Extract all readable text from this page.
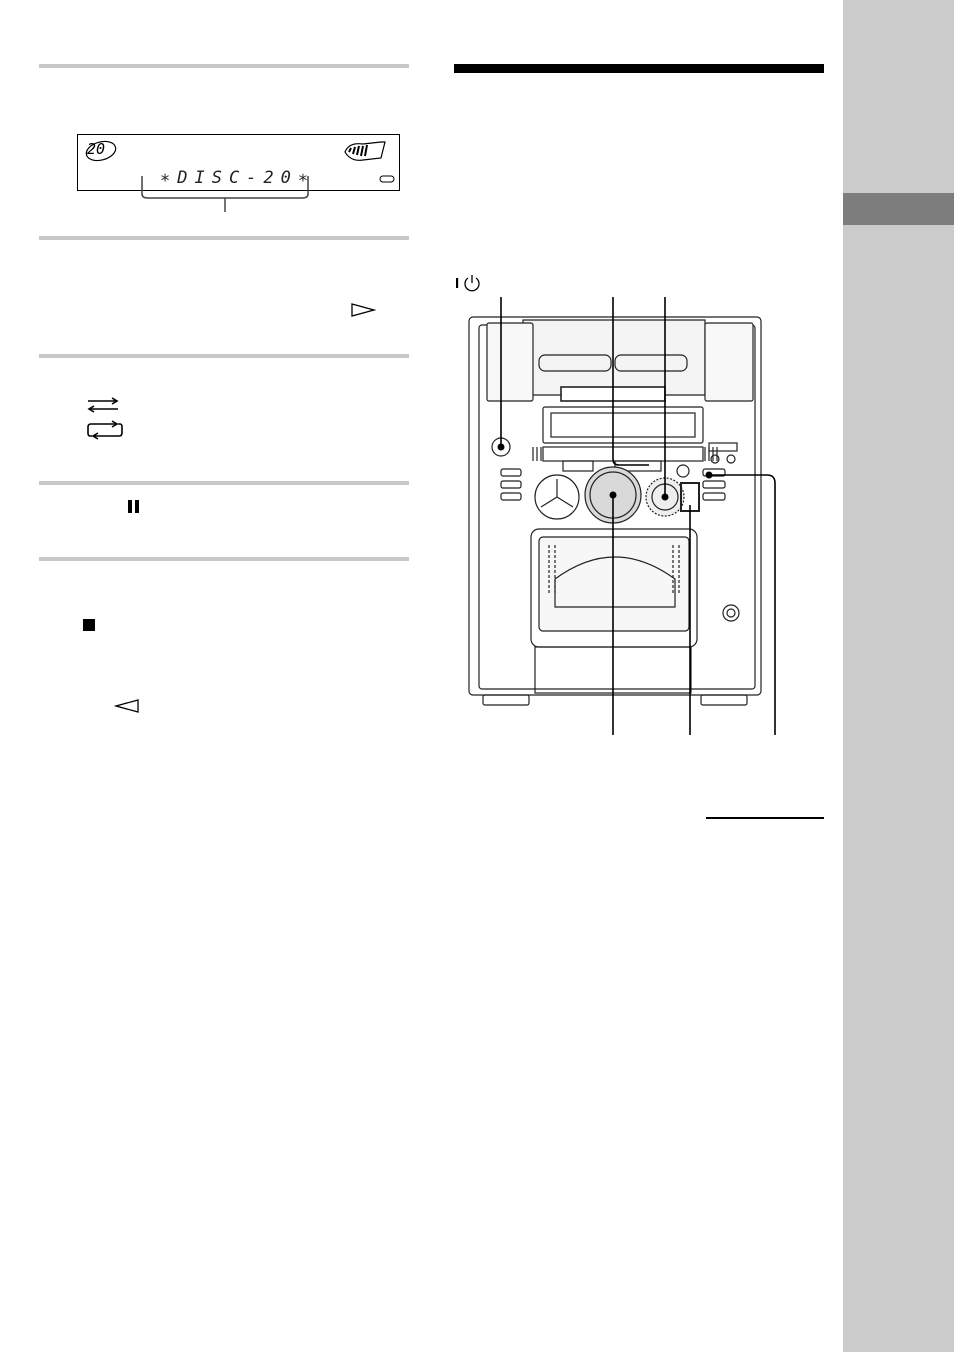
20
∗DISC-20∗
I
